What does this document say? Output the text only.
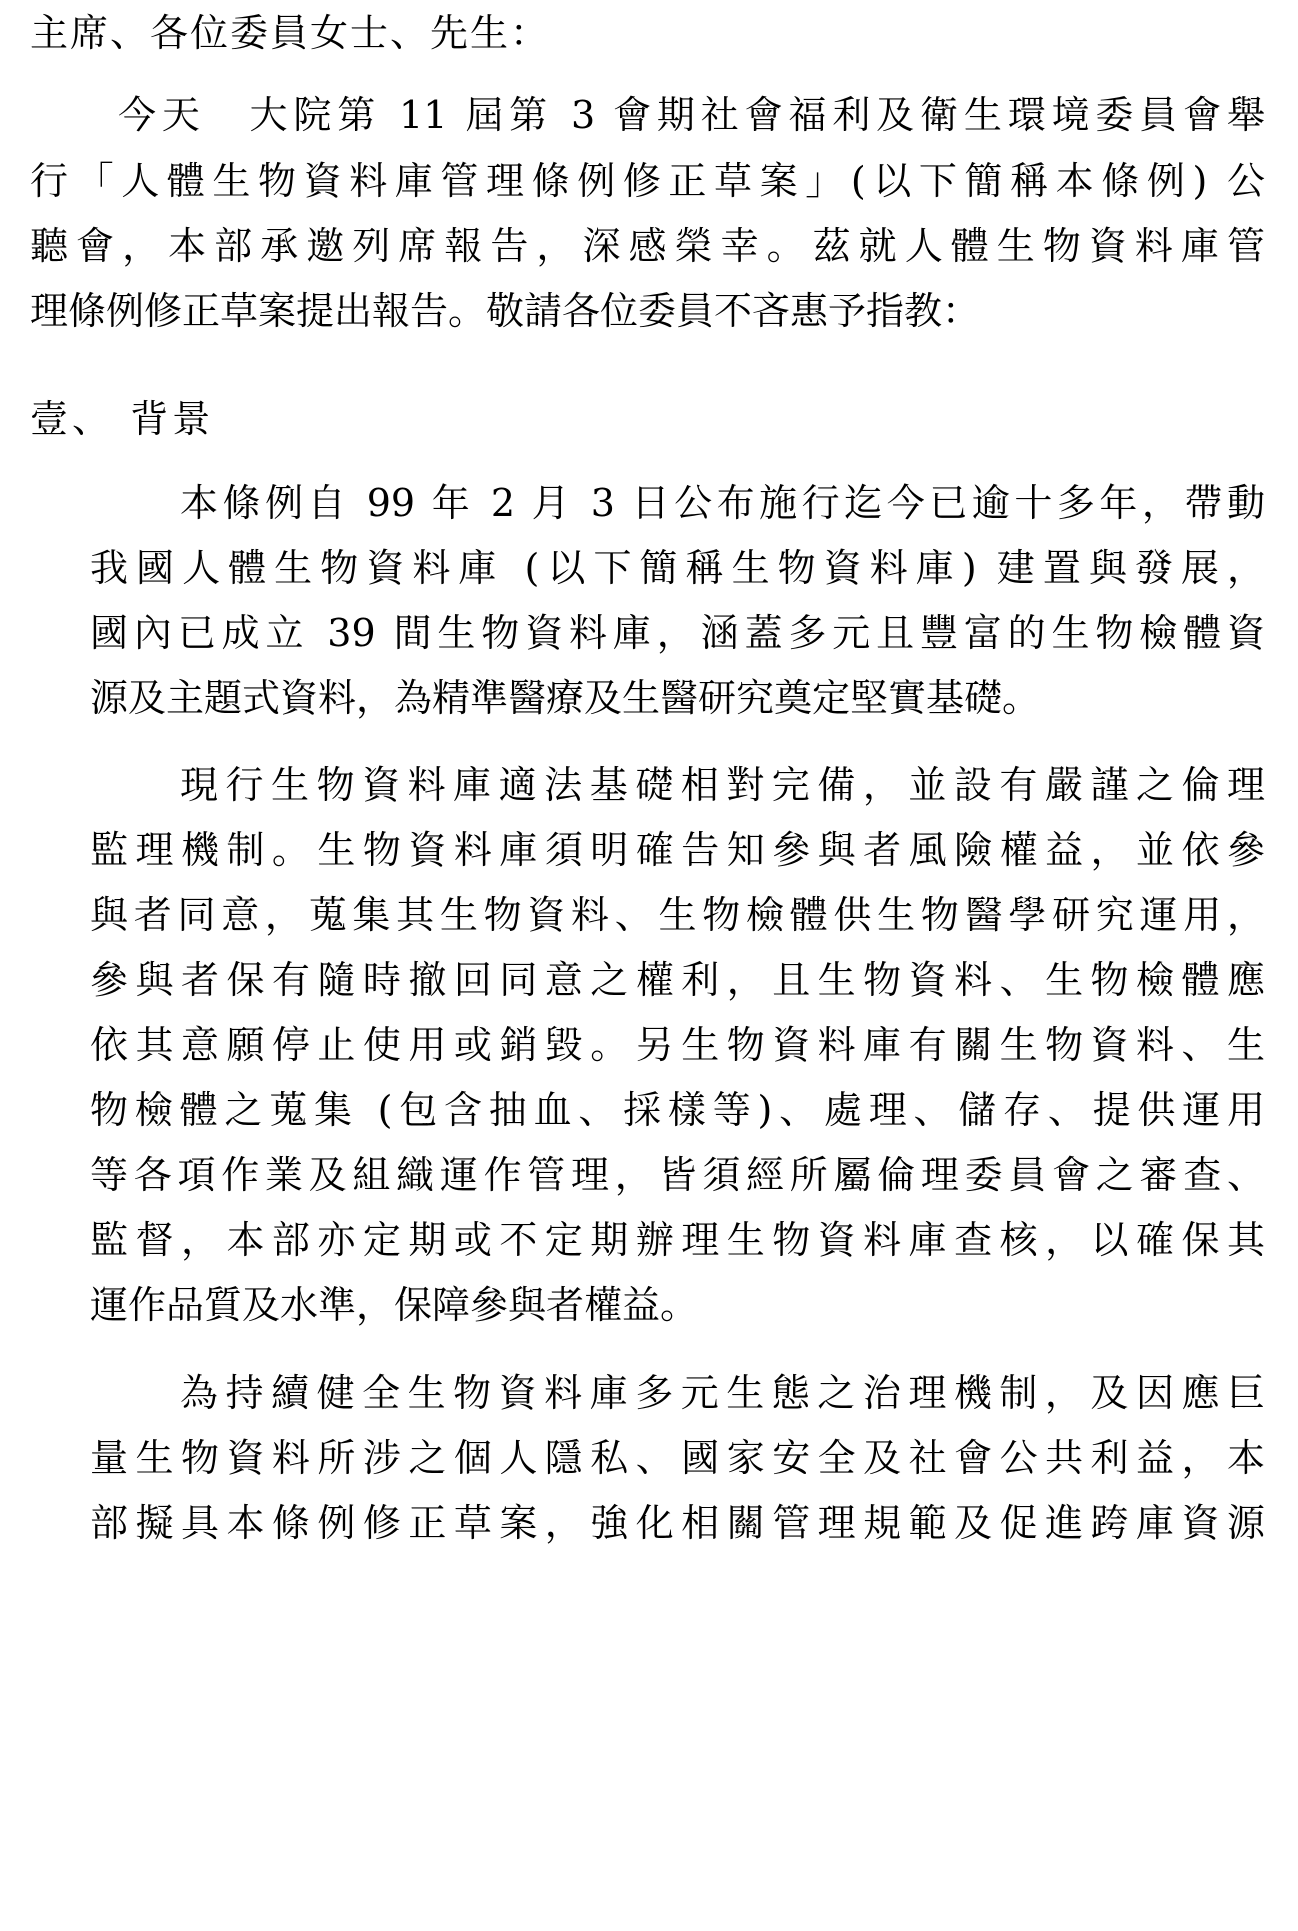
主席、各位委員女士、先生：
今天　大院第 11 屆第 3 會期社會福利及衛生環境委員會舉
行「人體生物資料庫管理條例修正草案」(以下簡稱本條例) 公
聽會，本部承邀列席報告，深感榮幸。茲就人體生物資料庫管
理條例修正草案提出報告。敬請各位委員不吝惠予指教：
壹、 背景
本條例自 99 年 2 月 3 日公布施行迄今已逾十多年，帶動
我國人體生物資料庫 (以下簡稱生物資料庫) 建置與發展，
國內已成立 39 間生物資料庫，涵蓋多元且豐富的生物檢體資
源及主題式資料，為精準醫療及生醫研究奠定堅實基礎。
現行生物資料庫適法基礎相對完備，並設有嚴謹之倫理
監理機制。生物資料庫須明確告知參與者風險權益，並依參
與者同意，蒐集其生物資料、生物檢體供生物醫學研究運用，
參與者保有隨時撤回同意之權利，且生物資料、生物檢體應
依其意願停止使用或銷毀。另生物資料庫有關生物資料、生
物檢體之蒐集 (包含抽血、採樣等)、處理、儲存、提供運用
等各項作業及組織運作管理，皆須經所屬倫理委員會之審查、
監督，本部亦定期或不定期辦理生物資料庫查核，以確保其
運作品質及水準，保障參與者權益。
為持續健全生物資料庫多元生態之治理機制，及因應巨
量生物資料所涉之個人隱私、國家安全及社會公共利益，本
部擬具本條例修正草案，強化相關管理規範及促進跨庫資源
